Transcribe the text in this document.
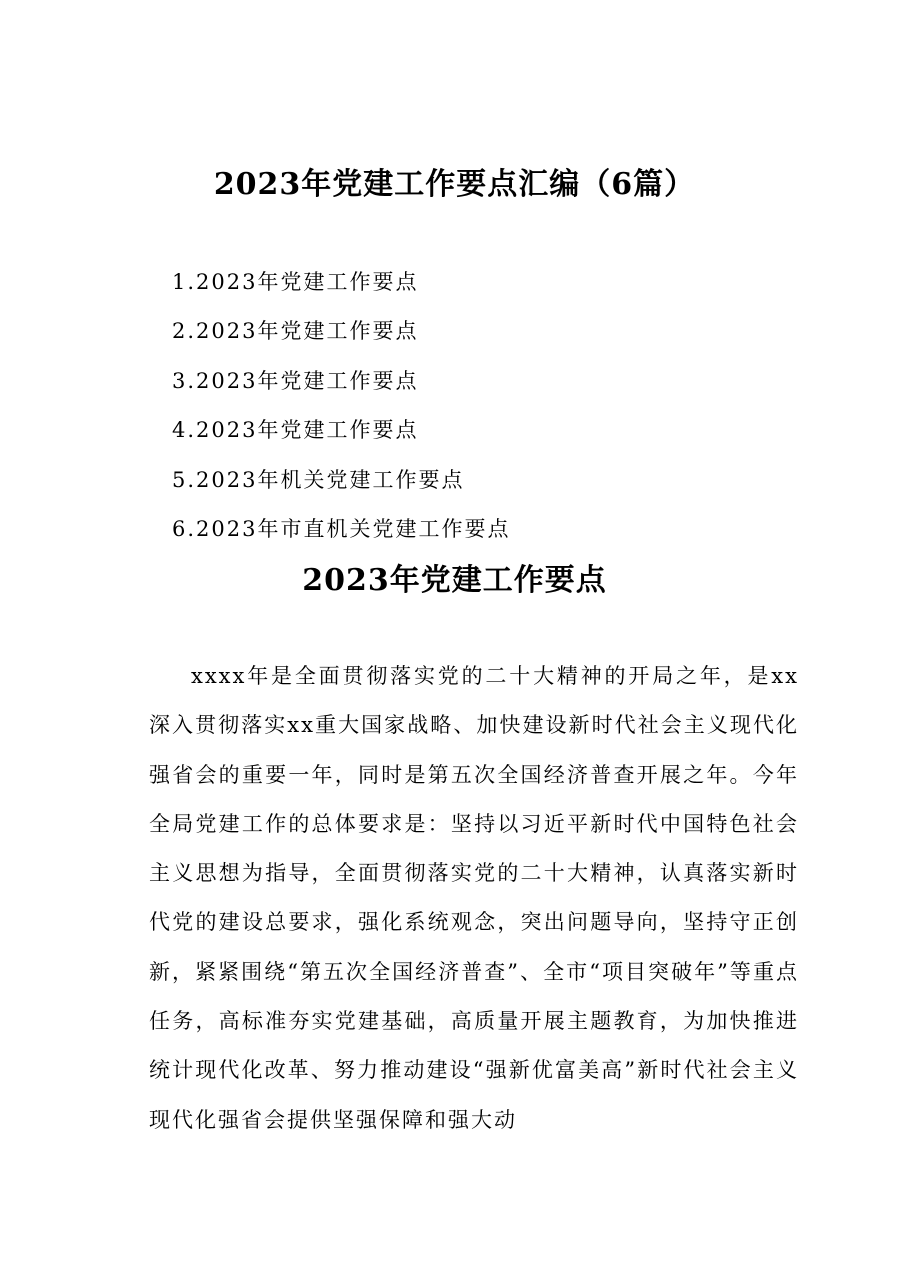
2023年党建工作要点汇编（6篇）
1.2023年党建工作要点
2.2023年党建工作要点
3.2023年党建工作要点
4.2023年党建工作要点
5.2023年机关党建工作要点
6.2023年市直机关党建工作要点
2023年党建工作要点

xxxx年是全面贯彻落实党的二十大精神的开局之年，是xx深入贯彻落实xx重大国家战略、加快建设新时代社会主义现代化强省会的重要一年，同时是第五次全国经济普查开展之年。今年全局党建工作的总体要求是：坚持以习近平新时代中国特色社会主义思想为指导，全面贯彻落实党的二十大精神，认真落实新时代党的建设总要求，强化系统观念，突出问题导向，坚持守正创新，紧紧围绕“第五次全国经济普查”、全市“项目突破年”等重点任务，高标准夯实党建基础，高质量开展主题教育，为加快推进统计现代化改革、努力推动建设“强新优富美高”新时代社会主义现代化强省会提供坚强保障和强大动
